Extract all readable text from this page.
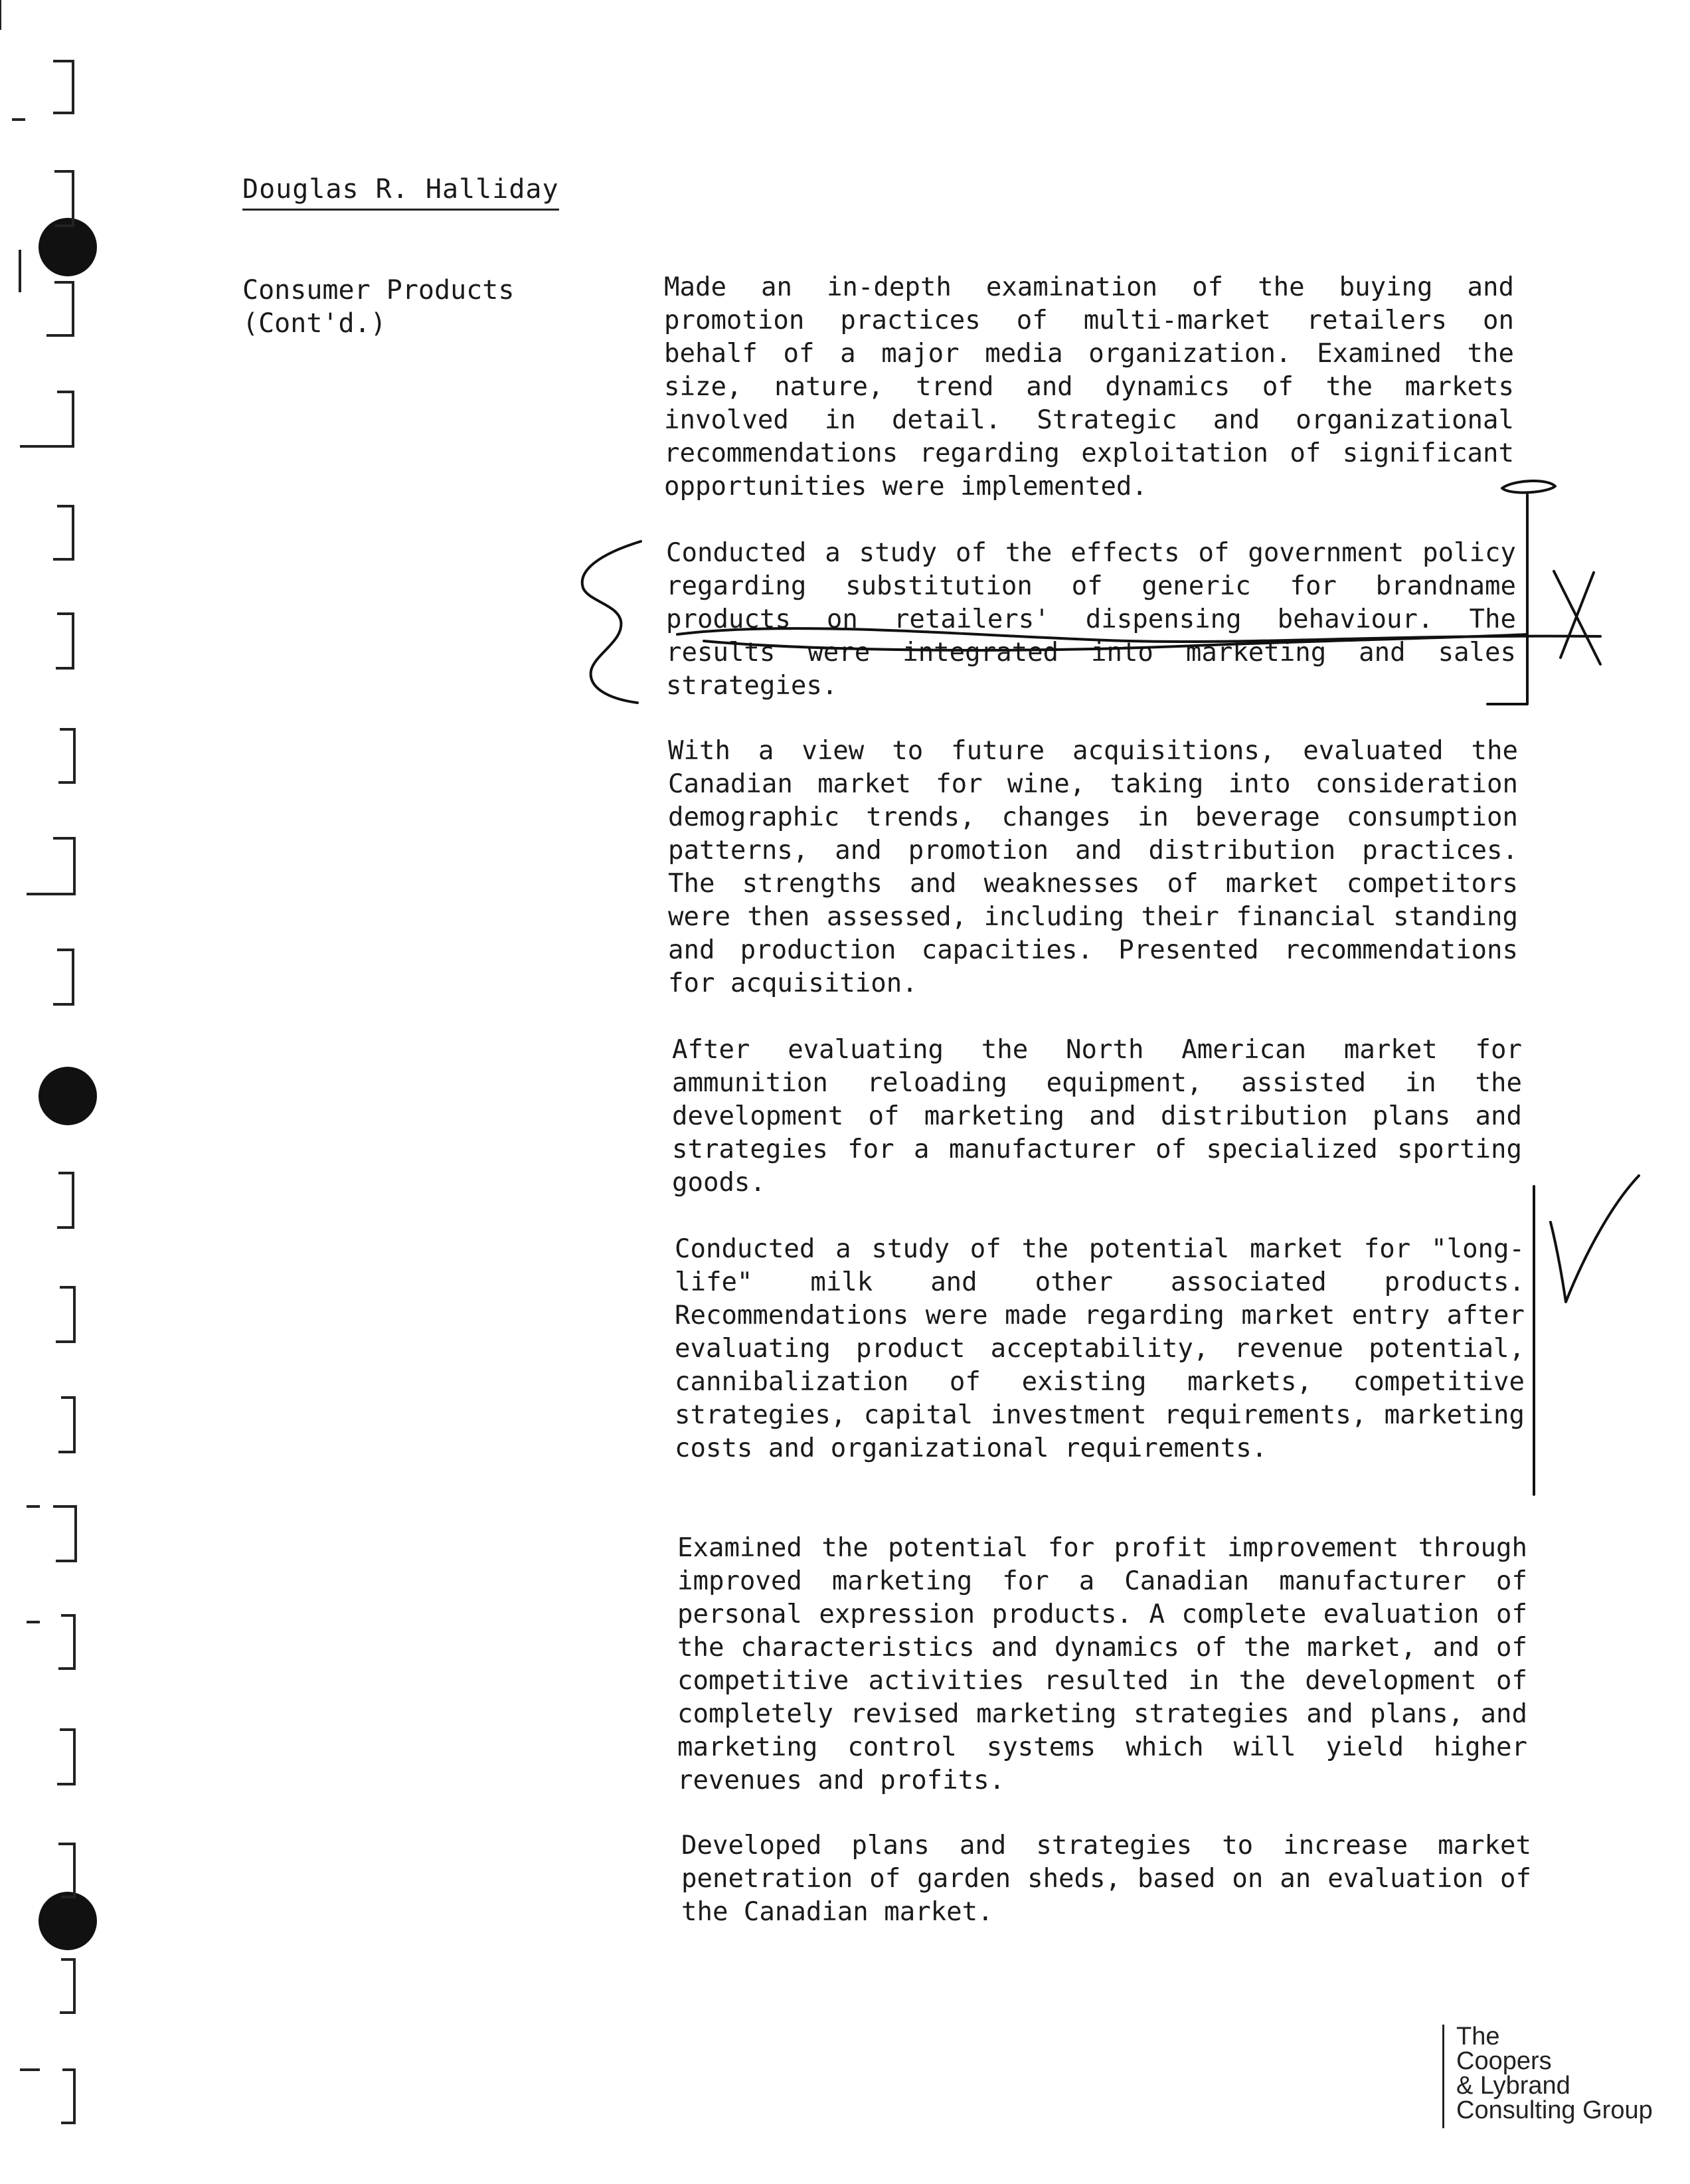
Douglas R. Halliday
Consumer Products
(Cont'd.)
Made an in-depth examination of the buying and promotion practices of multi-market retailers on behalf of a major media organization. Examined the size, nature, trend and dynamics of the markets involved in detail. Strategic and organizational recommendations regarding exploitation of significant opportunities were implemented.
Conducted a study of the effects of government policy regarding substitution of generic for brandname products on retailers' dispensing behaviour. The results were integrated into marketing and sales strategies.
With a view to future acquisitions, evaluated the Canadian market for wine, taking into consideration demographic trends, changes in beverage consumption patterns, and promotion and distribution practices. The strengths and weaknesses of market competitors were then assessed, including their financial standing and production capacities. Presented recommendations for acquisition.
After evaluating the North American market for ammunition reloading equipment, assisted in the development of marketing and distribution plans and strategies for a manufacturer of specialized sporting goods.
Conducted a study of the potential market for "long-life" milk and other associated products. Recommendations were made regarding market entry after evaluating product acceptability, revenue potential, cannibalization of existing markets, competitive strategies, capital investment requirements, marketing costs and organizational requirements.
Examined the potential for profit improvement through improved marketing for a Canadian manufacturer of personal expression products. A complete evaluation of the characteristics and dynamics of the market, and of competitive activities resulted in the development of completely revised marketing strategies and plans, and marketing control systems which will yield higher revenues and profits.
Developed plans and strategies to increase market penetration of garden sheds, based on an evaluation of the Canadian market.
The
Coopers
& Lybrand
Consulting Group
